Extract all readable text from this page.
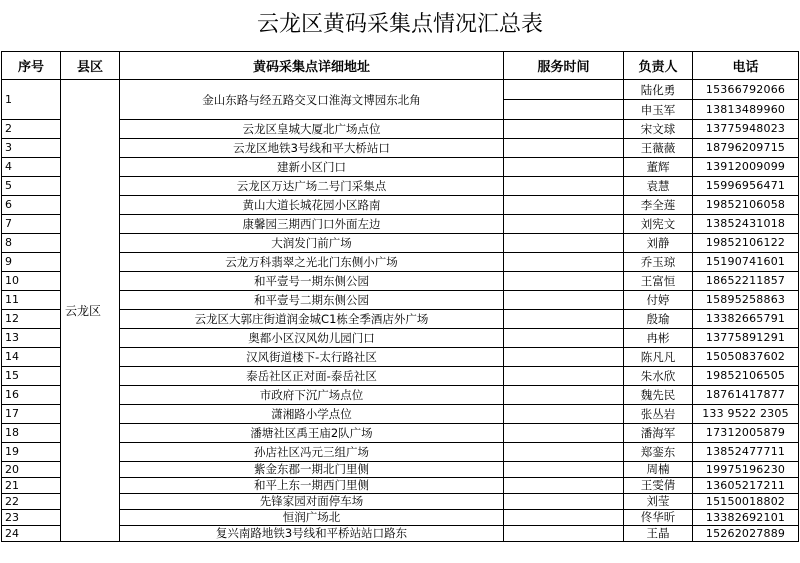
云龙区黄码采集点情况汇总表
序号	县区	黄码采集点详细地址	服务时间	负责人	电话
1	云龙区	金山东路与经五路交叉口淮海文博园东北角		陆化勇	15366792066
				申玉军	13813489960
2		云龙区皇城大厦北广场点位		宋文球	13775948023
3		云龙区地铁3号线和平大桥站口		王薇薇	18796209715
4		建新小区门口		董辉	13912009099
5		云龙区万达广场二号门采集点		袁慧	15996956471
6		黄山大道长城花园小区路南		李全莲	19852106058
7		康馨园三期西门口外面左边		刘宪文	13852431018
8		大润发门前广场		刘静	19852106122
9		云龙万科翡翠之光北门东侧小广场		乔玉琼	15190741601
10		和平壹号一期东侧公园		王富恒	18652211857
11		和平壹号二期东侧公园		付婷	15895258863
12		云龙区大郭庄街道润金城C1栋全季酒店外广场		殷瑜	13382665791
13		奥都小区汉风幼儿园门口		冉彬	13775891291
14		汉风街道楼下-太行路社区		陈凡凡	15050837602
15		泰岳社区正对面-泰岳社区		朱水欣	19852106505
16		市政府下沉广场点位		魏先民	18761417877
17		潇湘路小学点位		张丛岩	133 9522 2305
18		潘塘社区禹王庙2队广场		潘海军	17312005879
19		孙店社区冯元三组广场		郑銮东	13852477711
20		紫金东郡一期北门里侧		周楠	19975196230
21		和平上东一期西门里侧		王雯倩	13605217211
22		先锋家园对面停车场		刘莹	15150018802
23		恒润广场北		佟华昕	13382692101
24		复兴南路地铁3号线和平桥站站口路东		王晶	15262027889
